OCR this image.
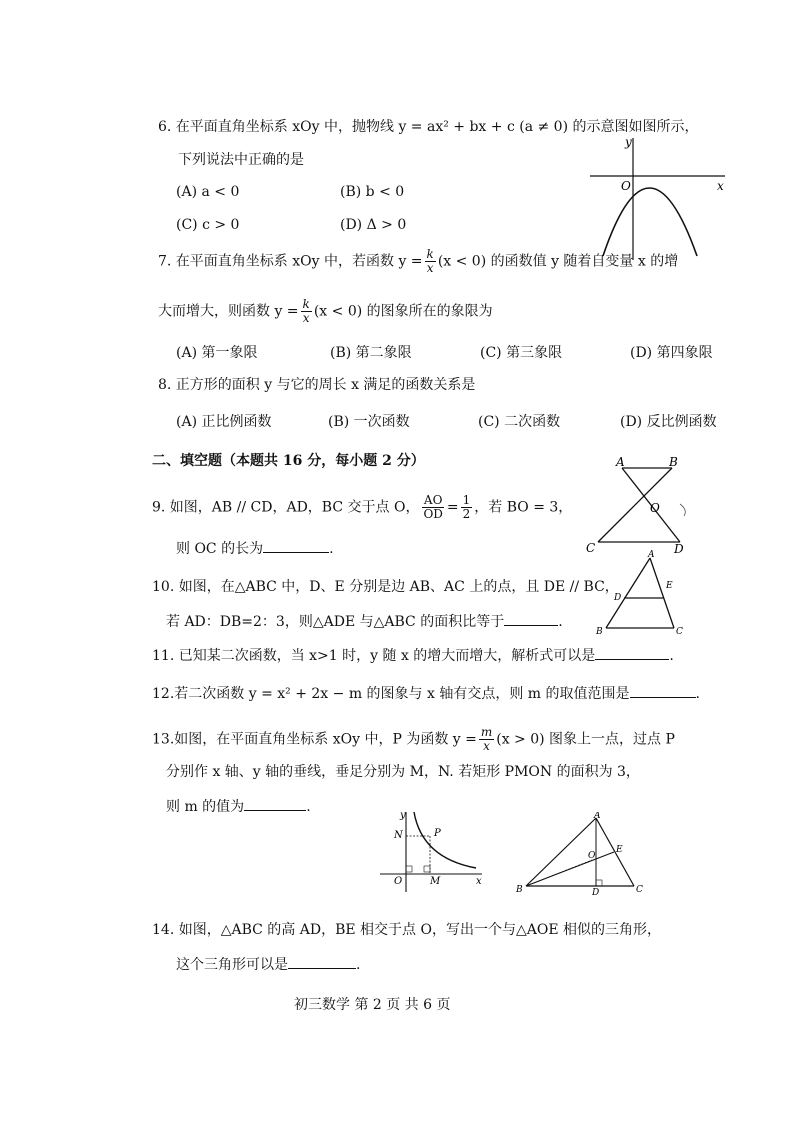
6. 在平面直角坐标系 xOy 中，抛物线 y = ax² + bx + c (a ≠ 0) 的示意图如图所示，
下列说法中正确的是
(A) a < 0	(B) b < 0
(C) c > 0	(D) Δ > 0
y
O	x
7. 在平面直角坐标系 xOy 中，若函数 $y = \frac{k}{x} (x < 0)$ 的函数值 y 随着自变量 x 的增
大而增大，则函数 $y = \frac{k}{x} (x < 0)$ 的图象所在的象限为
(A) 第一象限	(B) 第二象限	(C) 第三象限	(D) 第四象限
8. 正方形的面积 y 与它的周长 x 满足的函数关系是
(A) 正比例函数	(B) 一次函数	(C) 二次函数	(D) 反比例函数
二、填空题（本题共 16 分，每小题 2 分）
9. 如图，AB // CD，AD，BC 交于点 O， $\frac{AO}{OD} = \frac{1}{2}$ ，若 BO = 3，
则 OC 的长为	.
A	B
O
C	D
10. 如图，在△ABC 中，D、E 分别是边 AB、AC 上的点，且 DE // BC，
若 AD：DB=2：3，则△ADE 与△ABC 的面积比等于	.
A
D
E
B	C
11. 已知某二次函数，当 x>1 时，y 随 x 的增大而增大，解析式可以是	.
12.若二次函数 y = x² + 2x − m 的图象与 x 轴有交点，则 m 的取值范围是	.
13.如图，在平面直角坐标系 xOy 中，P 为函数 $y = \frac{m}{x} (x > 0)$ 图象上一点，过点 P
分别作 x 轴、y 轴的垂线，垂足分别为 M，N. 若矩形 PMON 的面积为 3，
则 m 的值为	.
y
N	P
O	M	x
A
O
E
B	D	C
14. 如图，△ABC 的高 AD，BE 相交于点 O，写出一个与△AOE 相似的三角形，
这个三角形可以是	.
初三数学 第 2 页 共 6 页
